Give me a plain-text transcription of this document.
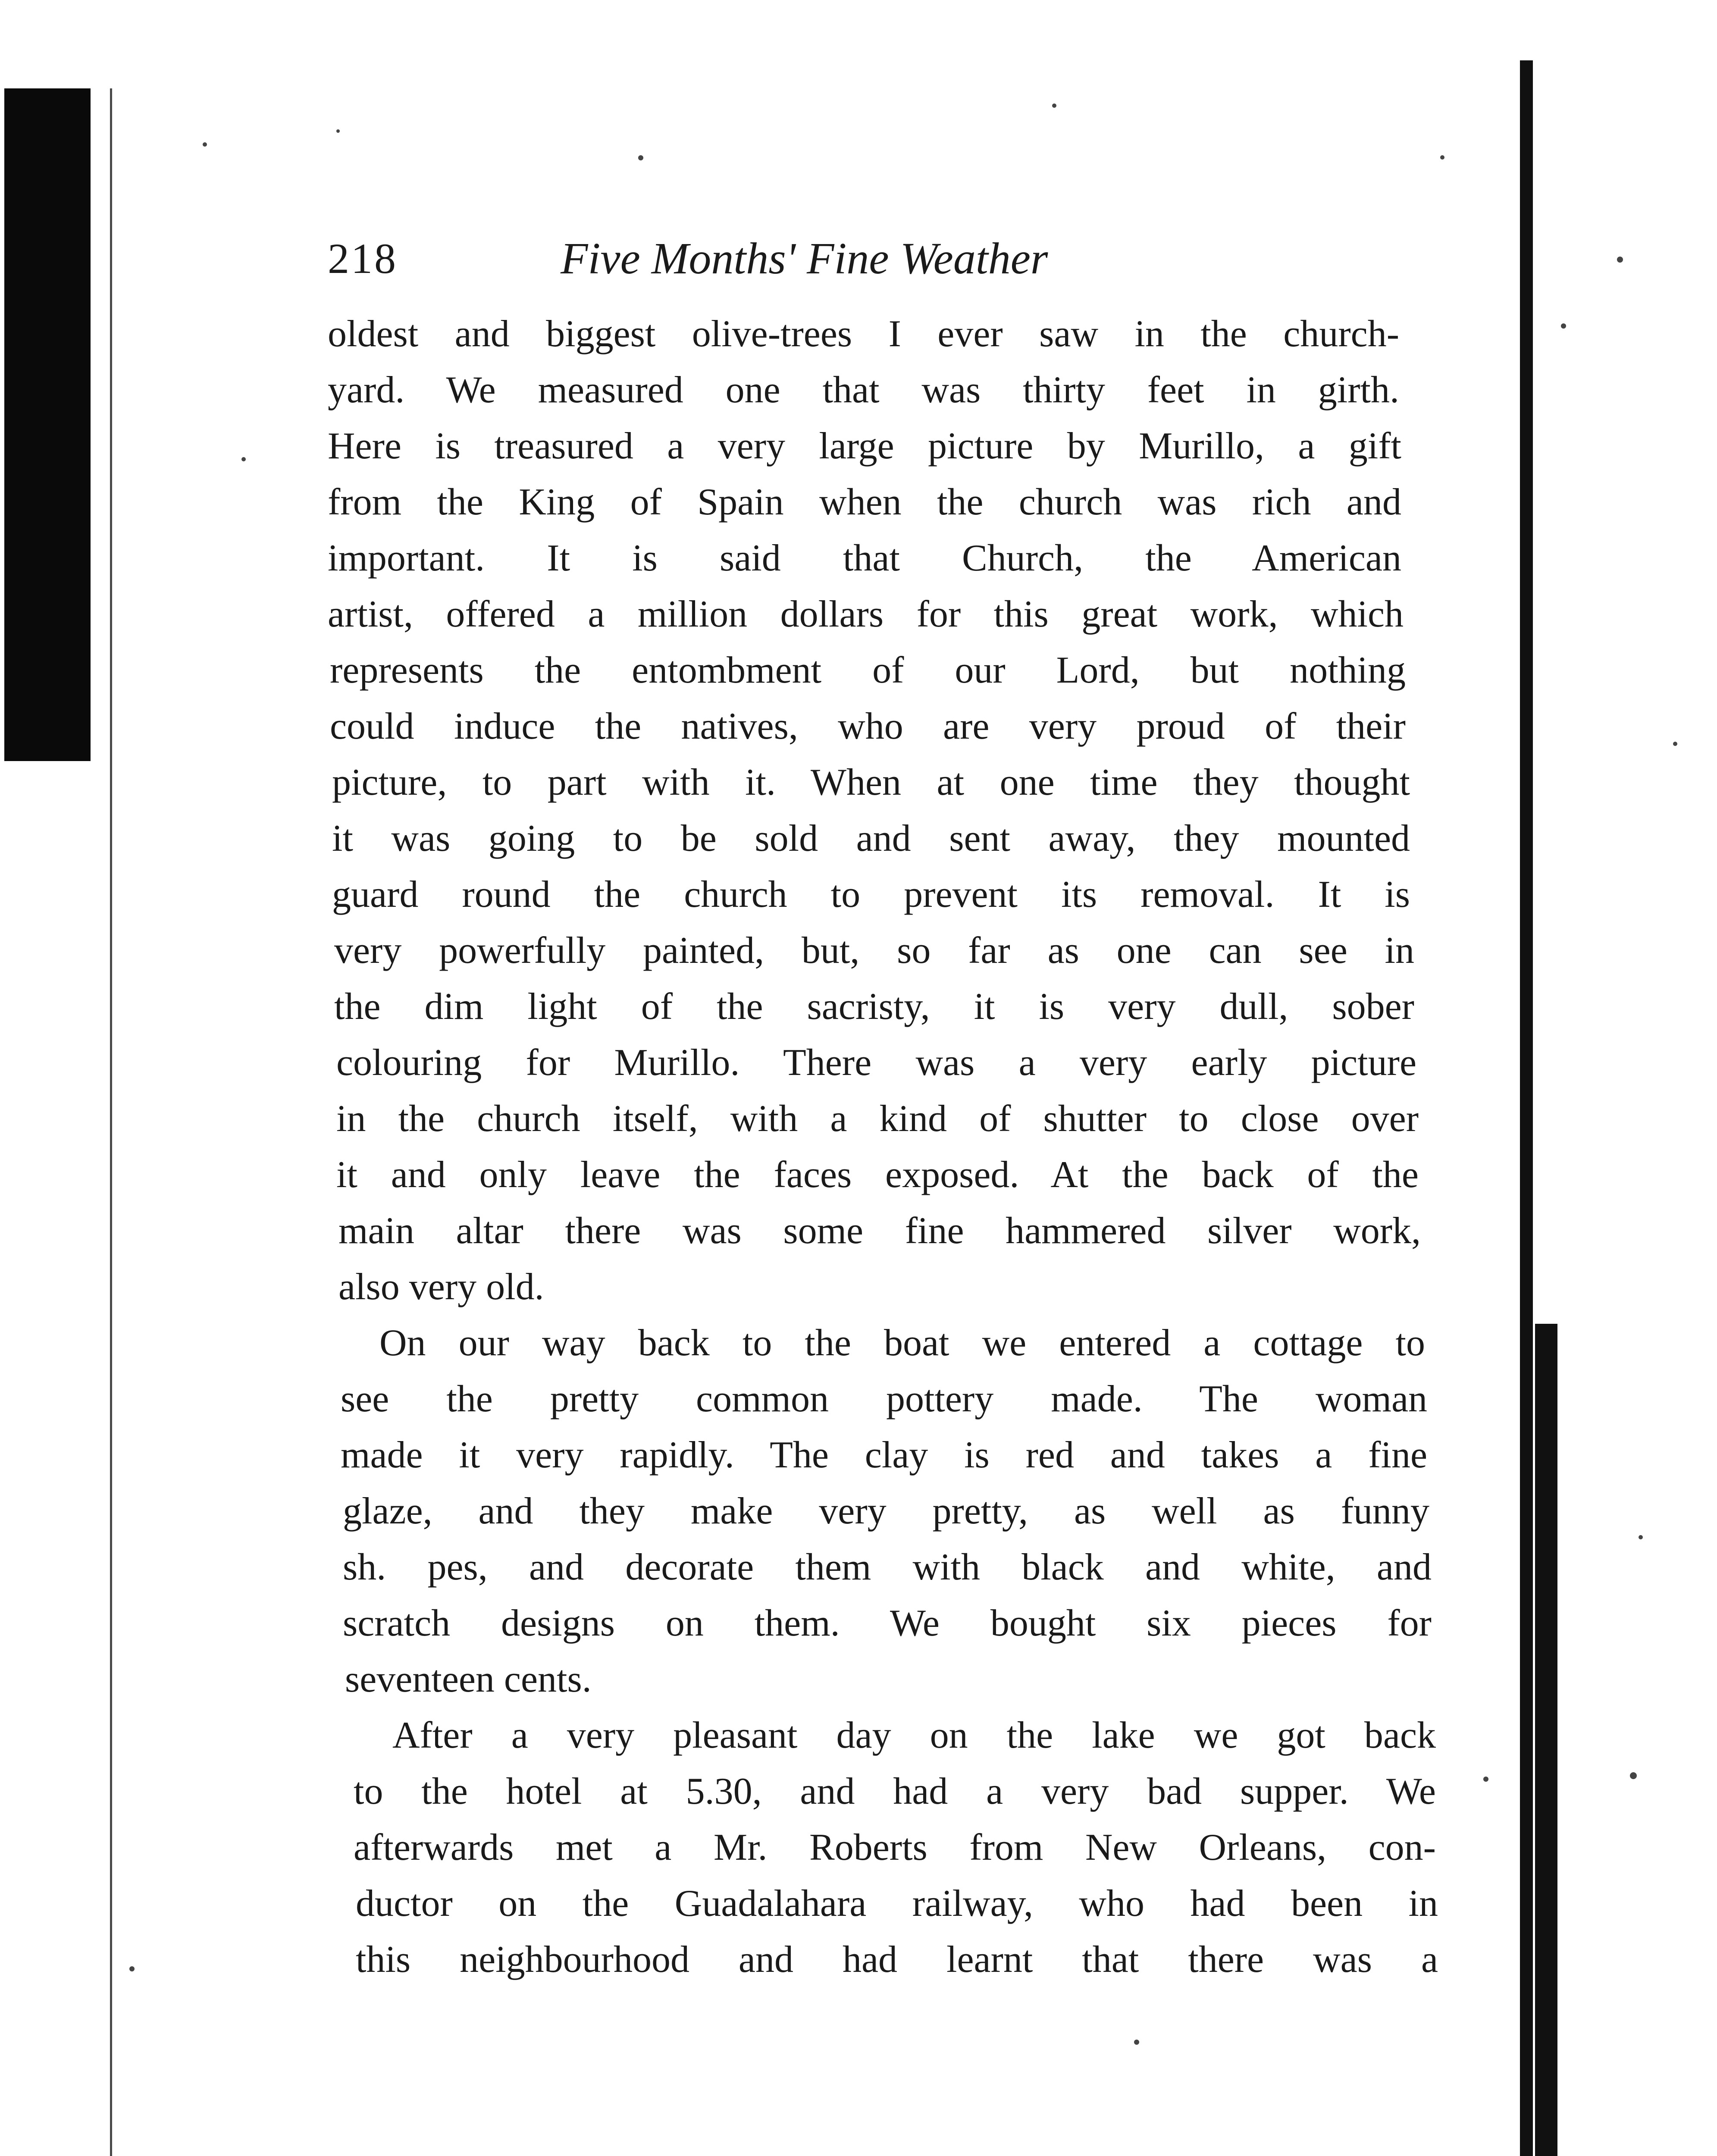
218	Five Months' Fine Weather
oldest and biggest olive-trees I ever saw in the church-
yard. We measured one that was thirty feet in girth.
Here is treasured a very large picture by Murillo, a gift
from the King of Spain when the church was rich and
important. It is said that Church, the American
artist, offered a million dollars for this great work, which
represents the entombment of our Lord, but nothing
could induce the natives, who are very proud of their
picture, to part with it. When at one time they thought
it was going to be sold and sent away, they mounted
guard round the church to prevent its removal. It is
very powerfully painted, but, so far as one can see in
the dim light of the sacristy, it is very dull, sober
colouring for Murillo. There was a very early picture
in the church itself, with a kind of shutter to close over
it and only leave the faces exposed. At the back of the
main altar there was some fine hammered silver work,
also very old.
On our way back to the boat we entered a cottage to
see the pretty common pottery made. The woman
made it very rapidly. The clay is red and takes a fine
glaze, and they make very pretty, as well as funny
sh. pes, and decorate them with black and white, and
scratch designs on them. We bought six pieces for
seventeen cents.
After a very pleasant day on the lake we got back
to the hotel at 5.30, and had a very bad supper. We
afterwards met a Mr. Roberts from New Orleans, con-
ductor on the Guadalahara railway, who had been in
this neighbourhood and had learnt that there was a
